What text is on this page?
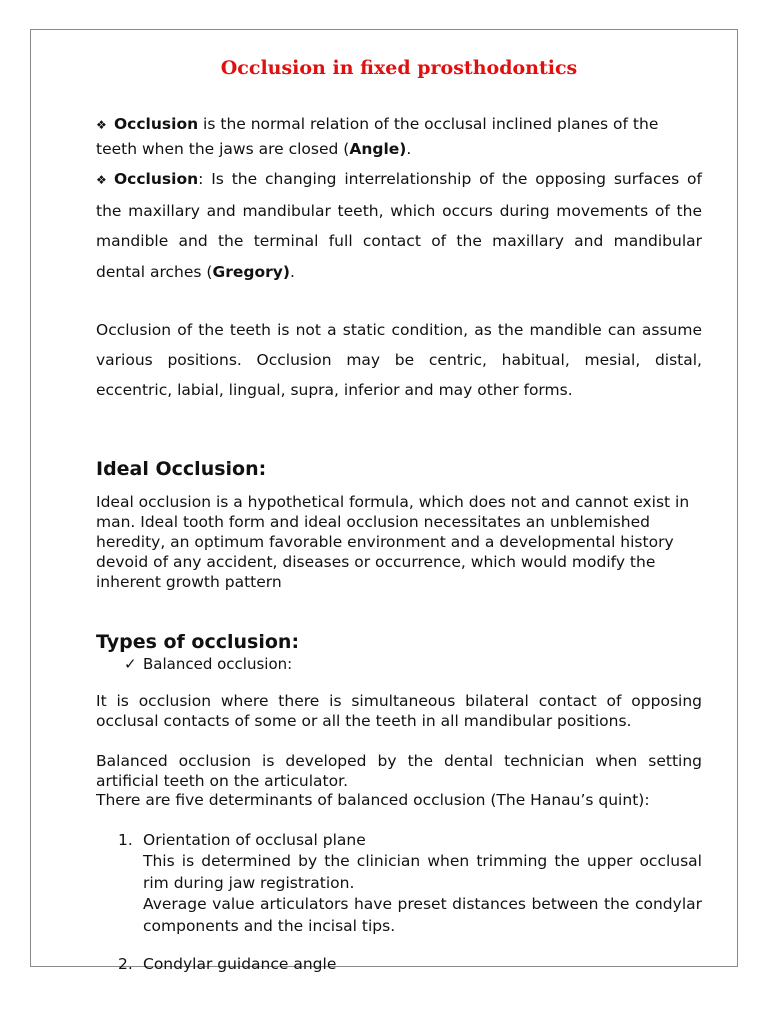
Occlusion in fixed prosthodontics
❖ Occlusion is the normal relation of the occlusal inclined planes of the teeth when the jaws are closed (Angle).
❖ Occlusion: Is the changing interrelationship of the opposing surfaces of the maxillary and mandibular teeth, which occurs during movements of the mandible and the terminal full contact of the maxillary and mandibular dental arches (Gregory).

Occlusion of the teeth is not a static condition, as the mandible can assume various positions. Occlusion may be centric, habitual, mesial, distal, eccentric, labial, lingual, supra, inferior and may other forms.

Ideal Occlusion:

Ideal occlusion is a hypothetical formula, which does not and cannot exist in man. Ideal tooth form and ideal occlusion necessitates an unblemished heredity, an optimum favorable environment and a developmental history devoid of any accident, diseases or occurrence, which would modify the inherent growth pattern

Types of occlusion:
✓ Balanced occlusion:

It is occlusion where there is simultaneous bilateral contact of opposing occlusal contacts of some or all the teeth in all mandibular positions.

Balanced occlusion is developed by the dental technician when setting artificial teeth on the articulator.

There are five determinants of balanced occlusion (The Hanau’s quint):

1. Orientation of occlusal plane

This is determined by the clinician when trimming the upper occlusal rim during jaw registration.

Average value articulators have preset distances between the condylar components and the incisal tips.

2. Condylar guidance angle
